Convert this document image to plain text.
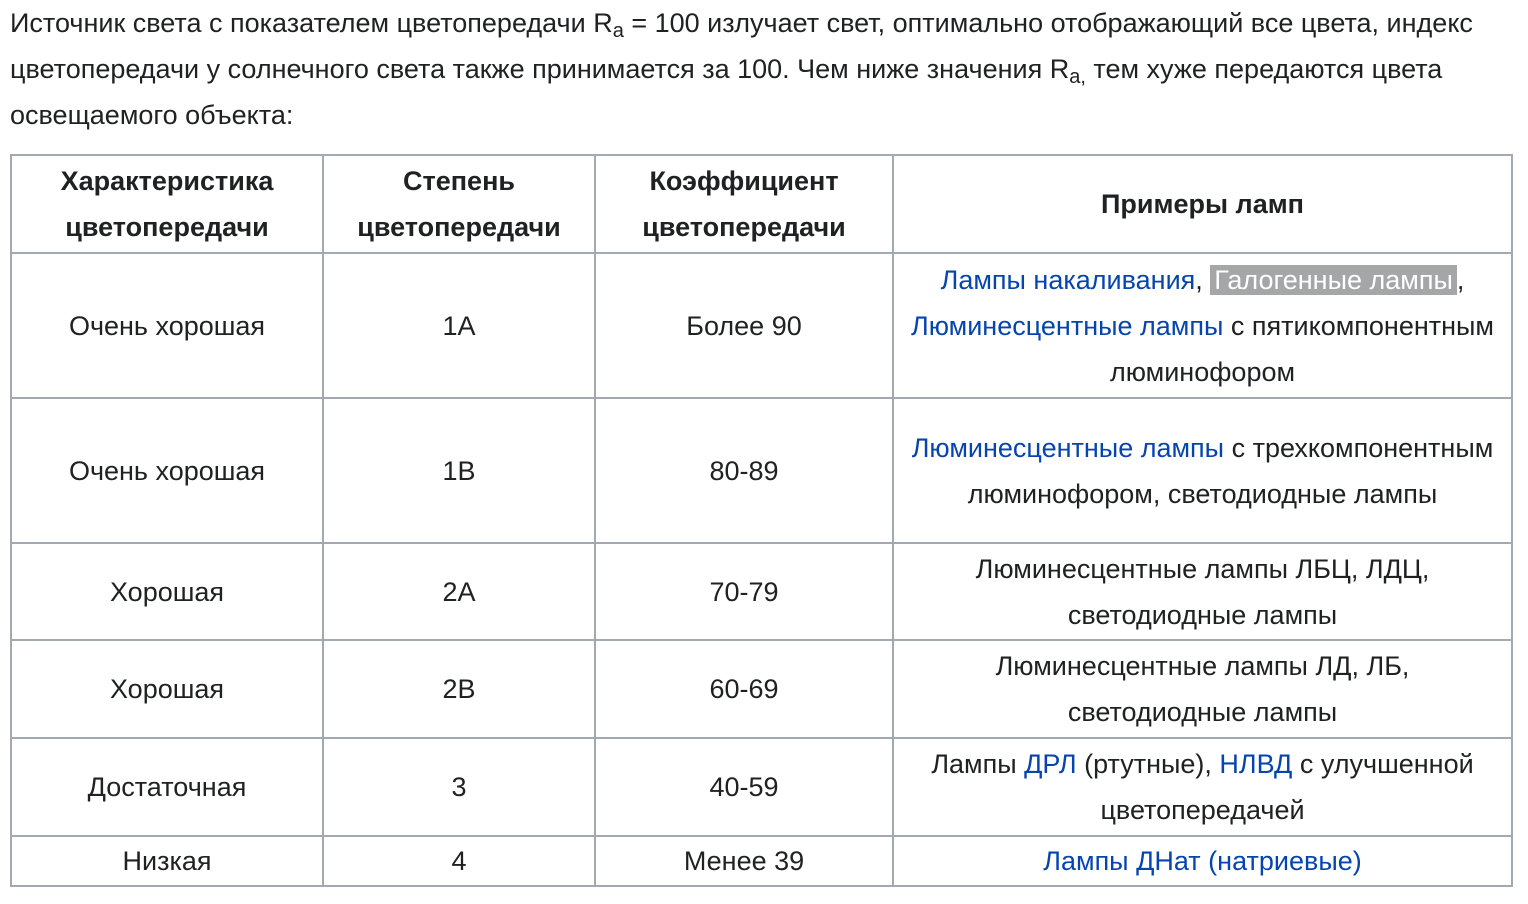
Источник света с показателем цветопередачи $R_a = 100$ излучает свет, оптимально отображающий все цвета, индекс цветопередачи у солнечного света также принимается за 100. Чем ниже значения $R_{a,}$ тем хуже передаются цвета освещаемого объекта:

Характеристика цветопередачи	Степень цветопередачи	Коэффициент цветопередачи	Примеры ламп
Очень хорошая	1A	Более 90	Лампы накаливания, Галогенные лампы ,
Люминесцентные лампы с пятикомпонентным люминофором
Очень хорошая	1B	80-89	Люминесцентные лампы с трехкомпонентным люминофором, светодиодные лампы
Хорошая	2A	70-79	Люминесцентные лампы ЛБЦ, ЛДЦ, светодиодные лампы
Хорошая	2B	60-69	Люминесцентные лампы ЛД, ЛБ, светодиодные лампы
Достаточная	3	40-59	Лампы ДРЛ (ртутные), НЛВД с улучшенной цветопередачей
Низкая	4	Менее 39	Лампы ДНат (натриевые)
